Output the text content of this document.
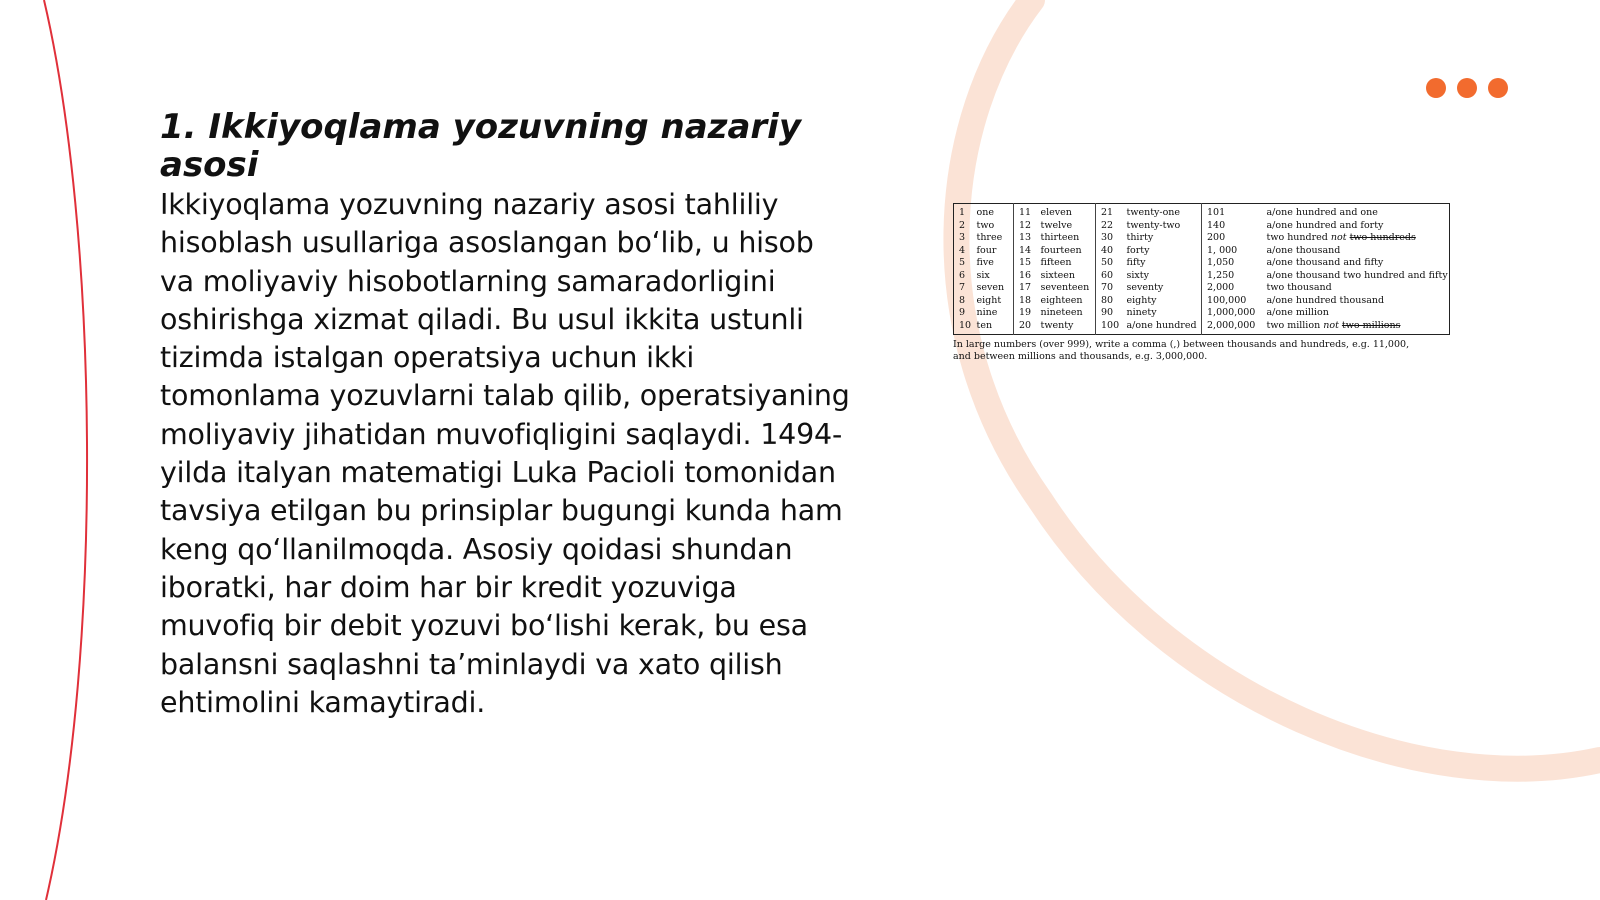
1. Ikkiyoqlama yozuvning nazariy asosi

Ikkiyoqlama yozuvning nazariy asosi tahliliy hisoblash usullariga asoslangan bo‘lib, u hisob va moliyaviy hisobotlarning samaradorligini oshirishga xizmat qiladi. Bu usul ikkita ustunli tizimda istalgan operatsiya uchun ikki tomonlama yozuvlarni talab qilib, operatsiyaning moliyaviy jihatidan muvofiqligini saqlaydi. 1494-yilda italyan matematigi Luka Pacioli tomonidan tavsiya etilgan bu prinsiplar bugungi kunda ham keng qo‘llanilmoqda. Asosiy qoidasi shundan iboratki, har doim har bir kredit yozuviga muvofiq bir debit yozuvi bo‘lishi kerak, bu esa balansni saqlashni ta’minlaydi va xato qilish ehtimolini kamaytiradi.

1	one	11	eleven	21	twenty-one	101	a/one hundred and one
2	two	12	twelve	22	twenty-two	140	a/one hundred and forty
3	three	13	thirteen	30	thirty	200	two hundred not two hundreds
4	four	14	fourteen	40	forty	1, 000	a/one thousand
5	five	15	fifteen	50	fifty	1,050	a/one thousand and fifty
6	six	16	sixteen	60	sixty	1,250	a/one thousand two hundred and fifty
7	seven	17	seventeen	70	seventy	2,000	two thousand
8	eight	18	eighteen	80	eighty	100,000	a/one hundred thousand
9	nine	19	nineteen	90	ninety	1,000,000	a/one million
10	ten	20	twenty	100	a/one hundred	2,000,000	two million not two millions
In large numbers (over 999), write a comma (,) between thousands and hundreds, e.g. 11,000, and between millions and thousands, e.g. 3,000,000.
